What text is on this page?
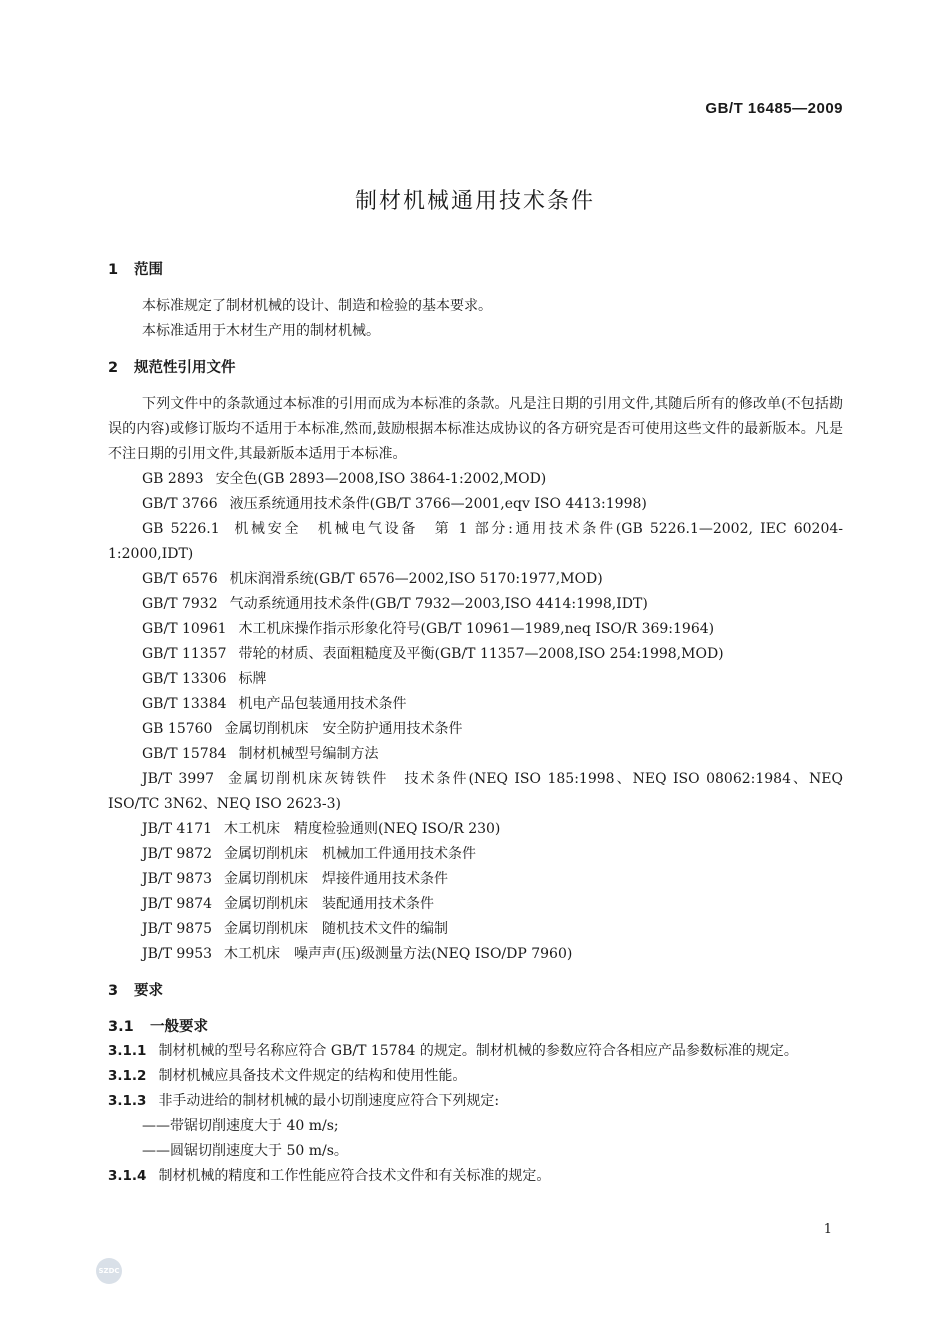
GB/T 16485—2009
制材机械通用技术条件
1 范围

本标准规定了制材机械的设计、制造和检验的基本要求。

本标准适用于木材生产用的制材机械。

2 规范性引用文件

下列文件中的条款通过本标准的引用而成为本标准的条款。凡是注日期的引用文件,其随后所有的修改单(不包括勘误的内容)或修订版均不适用于本标准,然而,鼓励根据本标准达成协议的各方研究是否可使用这些文件的最新版本。凡是不注日期的引用文件,其最新版本适用于本标准。

GB 2893 安全色(GB 2893—2008,ISO 3864-1:2002,MOD)

GB/T 3766 液压系统通用技术条件(GB/T 3766—2001,eqv ISO 4413:1998)

GB 5226.1 机械安全　机械电气设备　第 1 部分:通用技术条件(GB 5226.1—2002, IEC 60204-1:2000,IDT)

GB/T 6576 机床润滑系统(GB/T 6576—2002,ISO 5170:1977,MOD)

GB/T 7932 气动系统通用技术条件(GB/T 7932—2003,ISO 4414:1998,IDT)

GB/T 10961 木工机床操作指示形象化符号(GB/T 10961—1989,neq ISO/R 369:1964)

GB/T 11357 带轮的材质、表面粗糙度及平衡(GB/T 11357—2008,ISO 254:1998,MOD)

GB/T 13306 标牌

GB/T 13384 机电产品包装通用技术条件

GB 15760 金属切削机床　安全防护通用技术条件

GB/T 15784 制材机械型号编制方法

JB/T 3997 金属切削机床灰铸铁件　技术条件(NEQ ISO 185:1998、NEQ ISO 08062:1984、NEQ ISO/TC 3N62、NEQ ISO 2623-3)

JB/T 4171 木工机床　精度检验通则(NEQ ISO/R 230)

JB/T 9872 金属切削机床　机械加工件通用技术条件

JB/T 9873 金属切削机床　焊接件通用技术条件

JB/T 9874 金属切削机床　装配通用技术条件

JB/T 9875 金属切削机床　随机技术文件的编制

JB/T 9953 木工机床　噪声声(压)级测量方法(NEQ ISO/DP 7960)

3 要求
3.1 一般要求

3.1.1 制材机械的型号名称应符合 GB/T 15784 的规定。制材机械的参数应符合各相应产品参数标准的规定。

3.1.2 制材机械应具备技术文件规定的结构和使用性能。

3.1.3 非手动进给的制材机械的最小切削速度应符合下列规定:

——带锯切削速度大于 40 m/s;

——圆锯切削速度大于 50 m/s。

3.1.4 制材机械的精度和工作性能应符合技术文件和有关标准的规定。

1
SZDC
